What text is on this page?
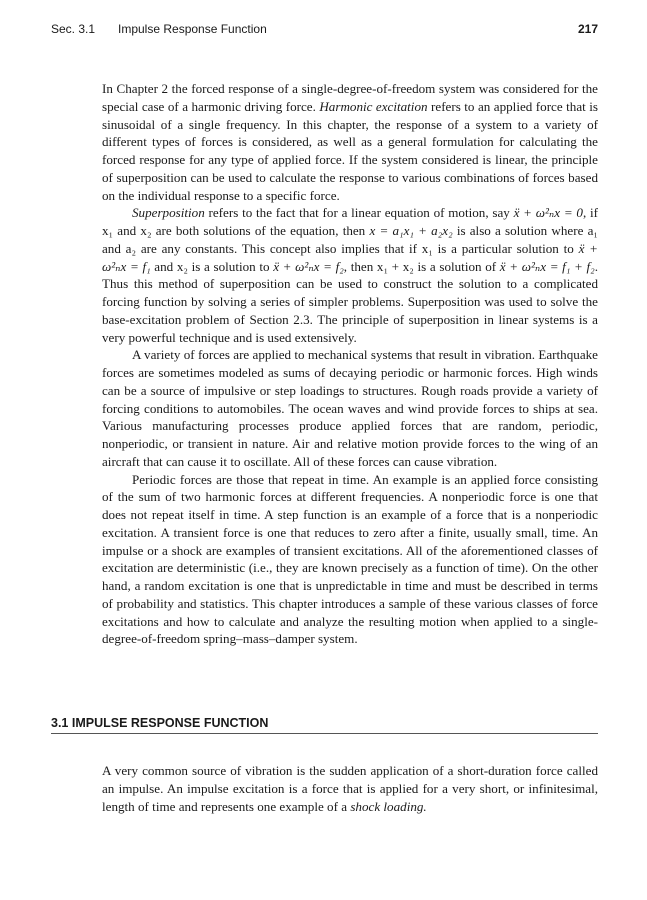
Sec. 3.1 Impulse Response Function	217

In Chapter 2 the forced response of a single-degree-of-freedom system was considered for the special case of a harmonic driving force. Harmonic excitation refers to an applied force that is sinusoidal of a single frequency. In this chapter, the response of a system to a variety of different types of forces is considered, as well as a general formulation for calculating the forced response for any type of applied force. If the system considered is linear, the principle of superposition can be used to calculate the response to various combinations of forces based on the individual response to a specific force.

Superposition refers to the fact that for a linear equation of motion, say ẍ + ω²ₙx = 0, if x₁ and x₂ are both solutions of the equation, then x = a₁x₁ + a₂x₂ is also a solution where a₁ and a₂ are any constants. This concept also implies that if x₁ is a particular solution to ẍ + ω²ₙx = f₁ and x₂ is a solution to ẍ + ω²ₙx = f₂, then x₁ + x₂ is a solution of ẍ + ω²ₙx = f₁ + f₂. Thus this method of superposition can be used to construct the solution to a complicated forcing function by solving a series of simpler problems. Superposition was used to solve the base-excitation problem of Section 2.3. The principle of superposition in linear systems is a very powerful technique and is used extensively.

A variety of forces are applied to mechanical systems that result in vibration. Earthquake forces are sometimes modeled as sums of decaying periodic or harmonic forces. High winds can be a source of impulsive or step loadings to structures. Rough roads provide a variety of forcing conditions to automobiles. The ocean waves and wind provide forces to ships at sea. Various manufacturing processes produce applied forces that are random, periodic, nonperiodic, or transient in nature. Air and relative motion provide forces to the wing of an aircraft that can cause it to oscillate. All of these forces can cause vibration.

Periodic forces are those that repeat in time. An example is an applied force consisting of the sum of two harmonic forces at different frequencies. A nonperiodic force is one that does not repeat itself in time. A step function is an example of a force that is a nonperiodic excitation. A transient force is one that reduces to zero after a finite, usually small, time. An impulse or a shock are examples of transient excitations. All of the aforementioned classes of excitation are deterministic (i.e., they are known precisely as a function of time). On the other hand, a random excitation is one that is unpredictable in time and must be described in terms of probability and statistics. This chapter introduces a sample of these various classes of force excitations and how to calculate and analyze the resulting motion when applied to a single-degree-of-freedom spring–mass–damper system.

3.1 IMPULSE RESPONSE FUNCTION

A very common source of vibration is the sudden application of a short-duration force called an impulse. An impulse excitation is a force that is applied for a very short, or infinitesimal, length of time and represents one example of a shock loading.
